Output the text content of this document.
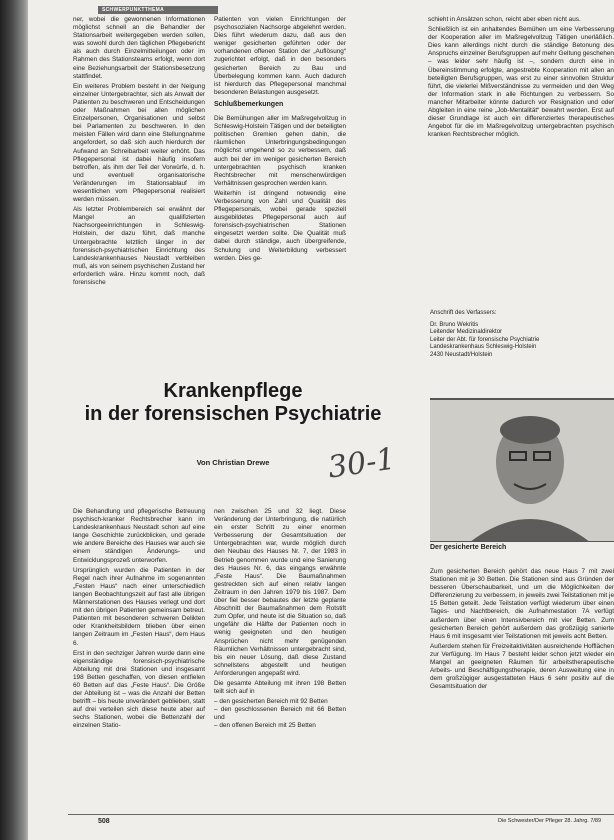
SCHWERPUNKTTHEMA

ner, wobei die gewonnenen Informationen möglichst schnell an die Behandler der Stationsarbeit weitergegeben werden sollen, was sowohl durch den täglichen Pflegebericht als auch durch Einzelmitteilungen oder im Rahmen des Stationsteams erfolgt, wenn dort eine Beziehungsarbeit der Stationsbesetzung stattfindet.

Ein weiteres Problem besteht in der Neigung einzelner Untergebrachter, sich als Anwalt der Patienten zu beschweren und Entscheidungen oder Maßnahmen bei allen möglichen Einzelpersonen, Organisationen und selbst bei Parlamenten zu beschweren. In den meisten Fällen wird dann eine Stellungnahme angefordert, so daß sich auch hierdurch der Aufwand an Schreibarbeit weiter erhöht. Das Pflegepersonal ist dabei häufig insofern betroffen, als ihm der Teil der Vorwürfe, d. h. und eventuell organisatorische Veränderungen im Stationsablauf im wesentlichen vom Pflegepersonal realisiert werden müssen.

Als letzter Problembereich sei erwähnt der Mangel an qualifizierten Nachsorgeeinrichtungen in Schleswig-Holstein, der dazu führt, daß manche Untergebrachte letztlich länger in der forensisch-psychiatrischen Einrichtung des Landeskrankenhauses Neustadt verbleiben muß, als von seinem psychischen Zustand her erforderlich wäre. Hinzu kommt noch, daß forensische

Patienten von vielen Einrichtungen der psychosozialen Nachsorge abgelehnt werden. Dies führt wiederum dazu, daß aus den weniger gesicherten geführten oder der vorhandenen offenen Station der „Auflösung“ zugerichtet erfolgt, daß in den besonders gesicherten Bereich zu Bau und Überbelegung kommen kann. Auch dadurch ist hierdurch das Pflegepersonal manchmal besonderen Belastungen ausgesetzt.

Schlußbemerkungen

Die Bemühungen aller im Maßregelvollzug in Schleswig-Holstein Tätigen und der beteiligten politischen Gremien gehen dahin, die räumlichen Unterbringungsbedingungen möglichst umgehend so zu verbessern, daß auch bei der im weniger gesicherten Bereich untergebrachten psychisch kranken Rechtsbrecher mit menschenwürdigen Verhältnissen gesprochen werden kann.

Weiterhin ist dringend notwendig eine Verbesserung von Zahl und Qualität des Pflegepersonals, wobei gerade speziell ausgebildetes Pflegepersonal auch auf forensisch-psychiatrischen Stationen eingesetzt werden sollte. Die Qualität muß dabei durch ständige, auch übergreifende, Schulung und Weiterbildung verbessert werden. Dies ge-

schieht in Ansätzen schon, reicht aber eben nicht aus.

Schließlich ist ein anhaltendes Bemühen um eine Verbesserung der Kooperation aller im Maßregelvollzug Tätigen unerläßlich. Dies kann allerdings nicht durch die ständige Betonung des Anspruchs einzelner Berufsgruppen auf mehr Geltung geschehen – was leider sehr häufig ist –, sondern durch eine in Übereinstimmung erfolgte, angestrebte Kooperation mit allen an beteiligten Berufsgruppen, was erst zu einer sinnvollen Struktur führt, die vielerlei Mißverständnisse zu vermeiden und den Weg der Information stark in alle Richtungen zu verbessern. So mancher Mitarbeiter könnte dadurch vor Resignation und oder Abgleiten in eine reine „Job-Mentalität“ bewahrt werden. Erst auf dieser Grundlage ist auch ein differenziertes therapeutisches Angebot für die im Maßregelvollzug untergebrachten psychisch kranken Rechtsbrecher möglich.

Anschrift des Verfassers:
Dr. Bruno Wekritis
Leitender Medizinaldirektor
Leiter der Abt. für forensische Psychiatrie
Landeskrankenhaus Schleswig-Holstein
2430 Neustadt/Holstein
Der gesicherte Bereich
Krankenpflege
in der forensischen Psychiatrie
Von Christian Drewe	30-1

Die Behandlung und pflegerische Betreuung psychisch-kranker Rechtsbrecher kann im Landeskrankenhaus Neustadt schon auf eine lange Geschichte zurückblicken, und gerade wie andere Bereiche des Hauses war auch sie einem ständigen Änderungs- und Entwicklungsprozeß unterworfen.

Ursprünglich wurden die Patienten in der Regel nach ihrer Aufnahme im sogenannten „Festen Haus“ nach einer unterschiedlich langen Beobachtungszeit auf fast alle übrigen Männerstationen des Hauses verlegt und dort mit den übrigen Patienten gemeinsam betreut. Patienten mit besonderen schweren Delikten oder Krankheitsbildern blieben über einen langen Zeitraum im „Festen Haus“, dem Haus 6.

Erst in den sechziger Jahren wurde dann eine eigenständige forensisch-psychiatrische Abteilung mit drei Stationen und insgesamt 198 Betten geschaffen, von diesen entfielen 60 Betten auf das „Feste Haus“. Die Größe der Abteilung ist – was die Anzahl der Betten betrifft – bis heute unverändert geblieben, statt auf drei verteilen sich diese heute aber auf sechs Stationen, wobei die Bettenzahl der einzelnen Statio-

nen zwischen 25 und 32 liegt. Diese Veränderung der Unterbringung, die natürlich ein erster Schritt zu einer enormen Verbesserung der Gesamtsituation der Untergebrachten war, wurde möglich durch den Neubau des Hauses Nr. 7, der 1983 in Betrieb genommen wurde und eine Sanierung des Hauses Nr. 6, das eingangs erwähnte „Feste Haus“. Die Baumaßnahmen gestreckten sich auf einen relativ langen Zeitraum in den Jahren 1979 bis 1987. Dem über fiel besser bebautes der letzte geplante Abschnitt der Baumaßnahmen dem Rotstift zum Opfer, und heute ist die Situation so, daß ungefähr die Hälfte der Patienten noch in wenig geeigneten und den heutigen Ansprüchen nicht mehr genügenden Räumlichen Verhältnissen untergebracht sind, bis ein neuer Lösung, daß diese Zustand schnellstens abgestellt und heutigen Anforderungen angepaßt wird.

Die gesamte Abteilung mit ihren 198 Betten teilt sich auf in

– den gesicherten Bereich mit 92 Betten
– den geschlossenen Bereich mit 66 Betten und
– den offenen Bereich mit 25 Betten

Zum gesicherten Bereich gehört das neue Haus 7 mit zwei Stationen mit je 30 Betten. Die Stationen sind aus Gründen der besseren Überschaubarkeit, und um die Möglichkeiten der Differenzierung zu verbessern, in jeweils zwei Teilstationen mit je 15 Betten geteilt. Jede Teilstation verfügt wiederum über einen Tages- und Nachtbereich, die Aufnahmestation 7A verfügt außerdem über einen Intensivbereich mit vier Betten. Zum gesicherten Bereich gehört außerdem das großzügig sanierte Haus 6 mit insgesamt vier Teilstationen mit jeweils acht Betten.

Außerdem stehen für Freizeitaktivitäten ausreichende Hofflächen zur Verfügung. Im Haus 7 besteht leider schon jetzt wieder ein Mangel an geeigneten Räumen für arbeitstherapeutische Arbeits- und Beschäftigungstherapie, deren Ausweitung eine in dem großzügiger ausgestatteten Haus 6 sehr positiv auf die Gesamtsituation der

508	Die Schwester/Der Pfleger 28. Jahrg. 7/89
